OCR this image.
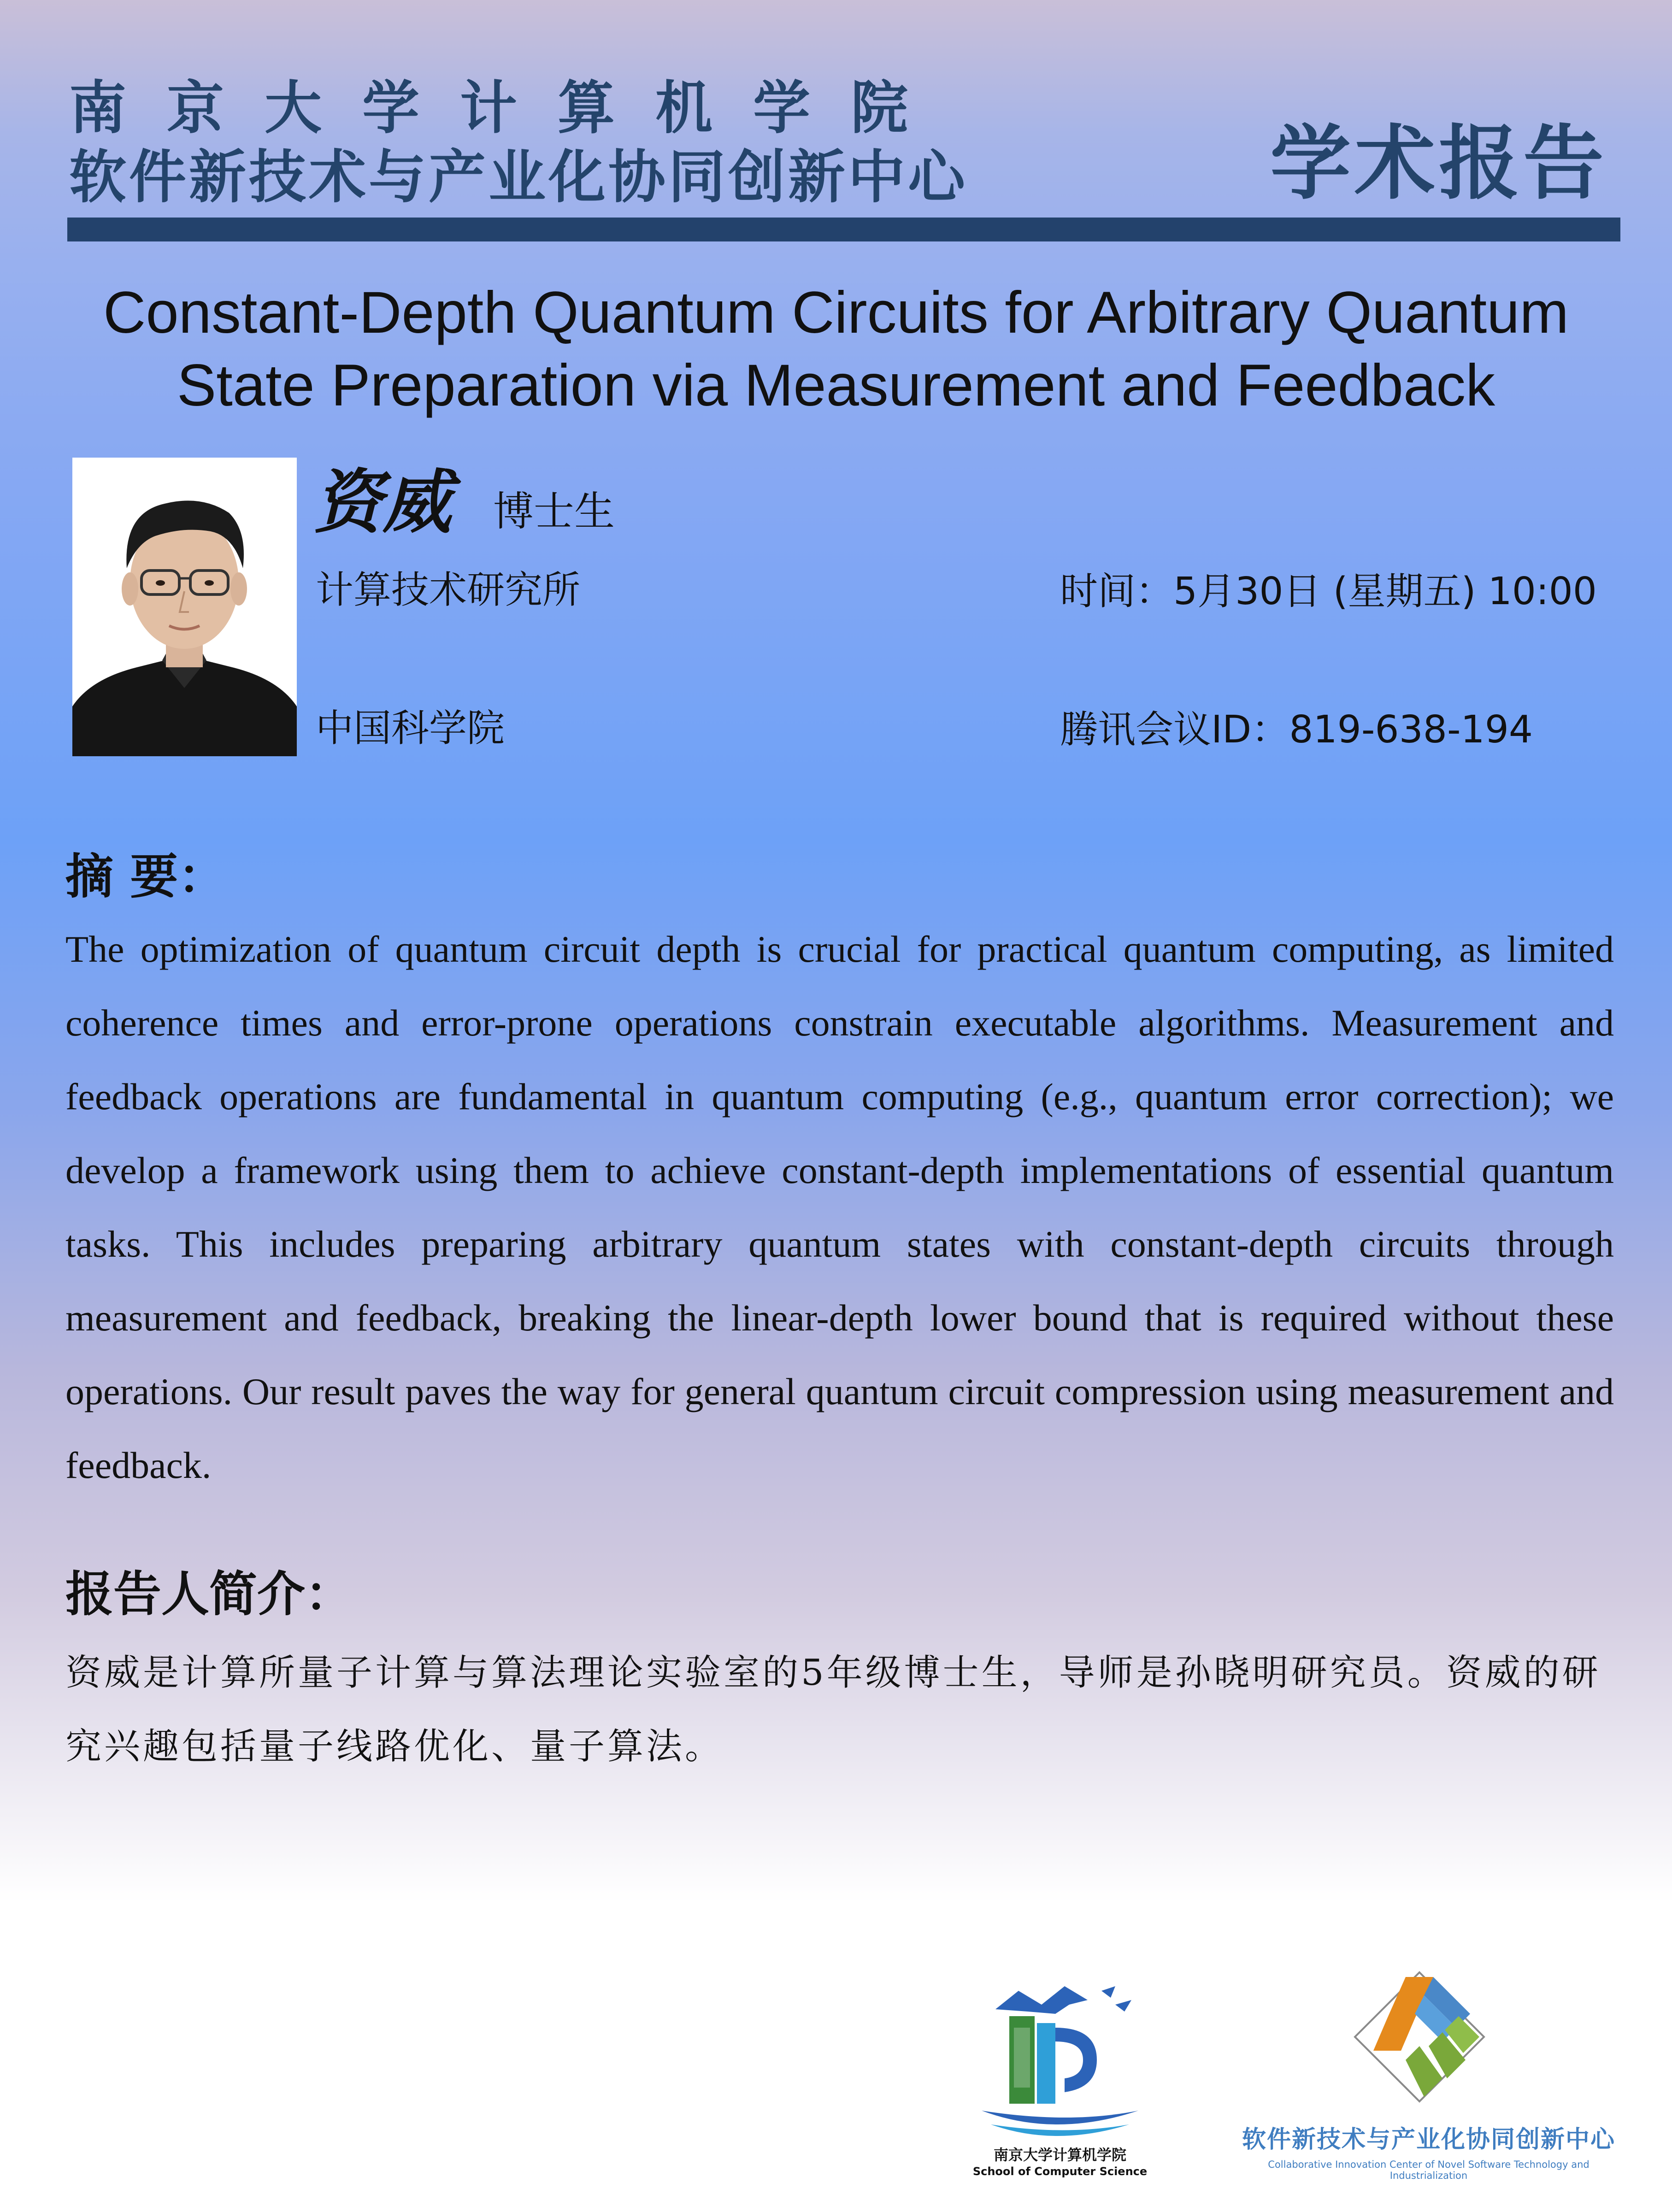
南京大学计算机学院
软件新技术与产业化协同创新中心	学术报告
Constant-Depth Quantum Circuits for Arbitrary Quantum
State Preparation via Measurement and Feedback
资威 博士生
计算技术研究所
中国科学院
时间：5月30日 (星期五) 10:00
腾讯会议ID：819-638-194
摘 要：
The optimization of quantum circuit depth is crucial for practical quantum computing, as limited coherence times and error-prone operations constrain executable algorithms. Measurement and feedback operations are fundamental in quantum computing (e.g., quantum error correction); we develop a framework using them to achieve constant-depth implementations of essential quantum tasks. This includes preparing arbitrary quantum states with constant-depth circuits through measurement and feedback, breaking the linear-depth lower bound that is required without these operations. Our result paves the way for general quantum circuit compression using measurement and feedback.
报告人简介：
资威是计算所量子计算与算法理论实验室的5年级博士生，导师是孙晓明研究员。资威的研究兴趣包括量子线路优化、量子算法。
南京大学计算机学院
School of Computer Science
软件新技术与产业化协同创新中心
Collaborative Innovation Center of Novel Software Technology and Industrialization
